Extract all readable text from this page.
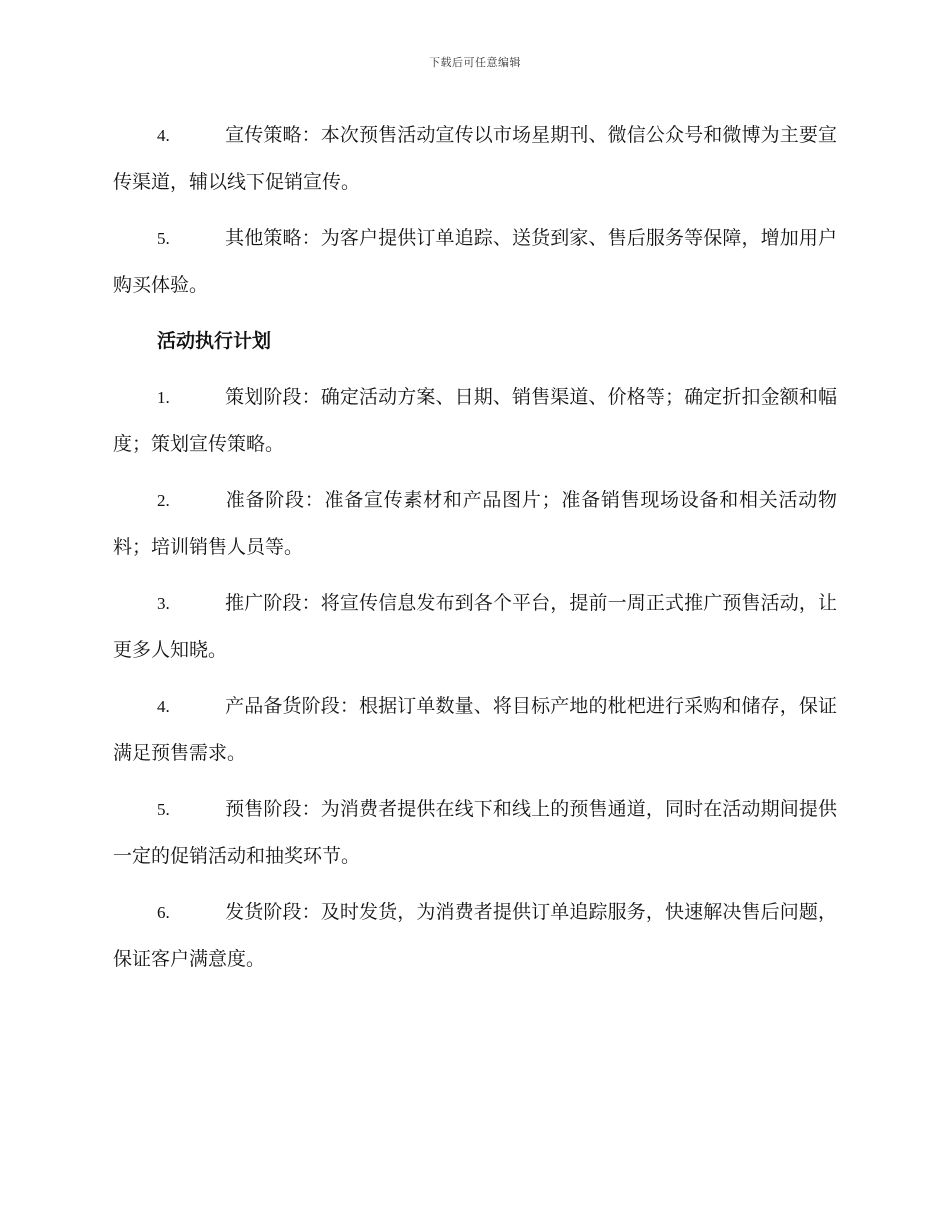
下载后可任意编辑

4.	宣传策略：本次预售活动宣传以市场星期刊、微信公众号和微博为主要宣传渠道，辅以线下促销宣传。

5.	其他策略：为客户提供订单追踪、送货到家、售后服务等保障，增加用户购买体验。

活动执行计划

1.	策划阶段：确定活动方案、日期、销售渠道、价格等；确定折扣金额和幅度；策划宣传策略。

2.	准备阶段：准备宣传素材和产品图片；准备销售现场设备和相关活动物料；培训销售人员等。

3.	推广阶段：将宣传信息发布到各个平台，提前一周正式推广预售活动，让更多人知晓。

4.	产品备货阶段：根据订单数量、将目标产地的枇杷进行采购和储存，保证满足预售需求。

5.	预售阶段：为消费者提供在线下和线上的预售通道，同时在活动期间提供一定的促销活动和抽奖环节。

6.	发货阶段：及时发货，为消费者提供订单追踪服务，快速解决售后问题，保证客户满意度。
